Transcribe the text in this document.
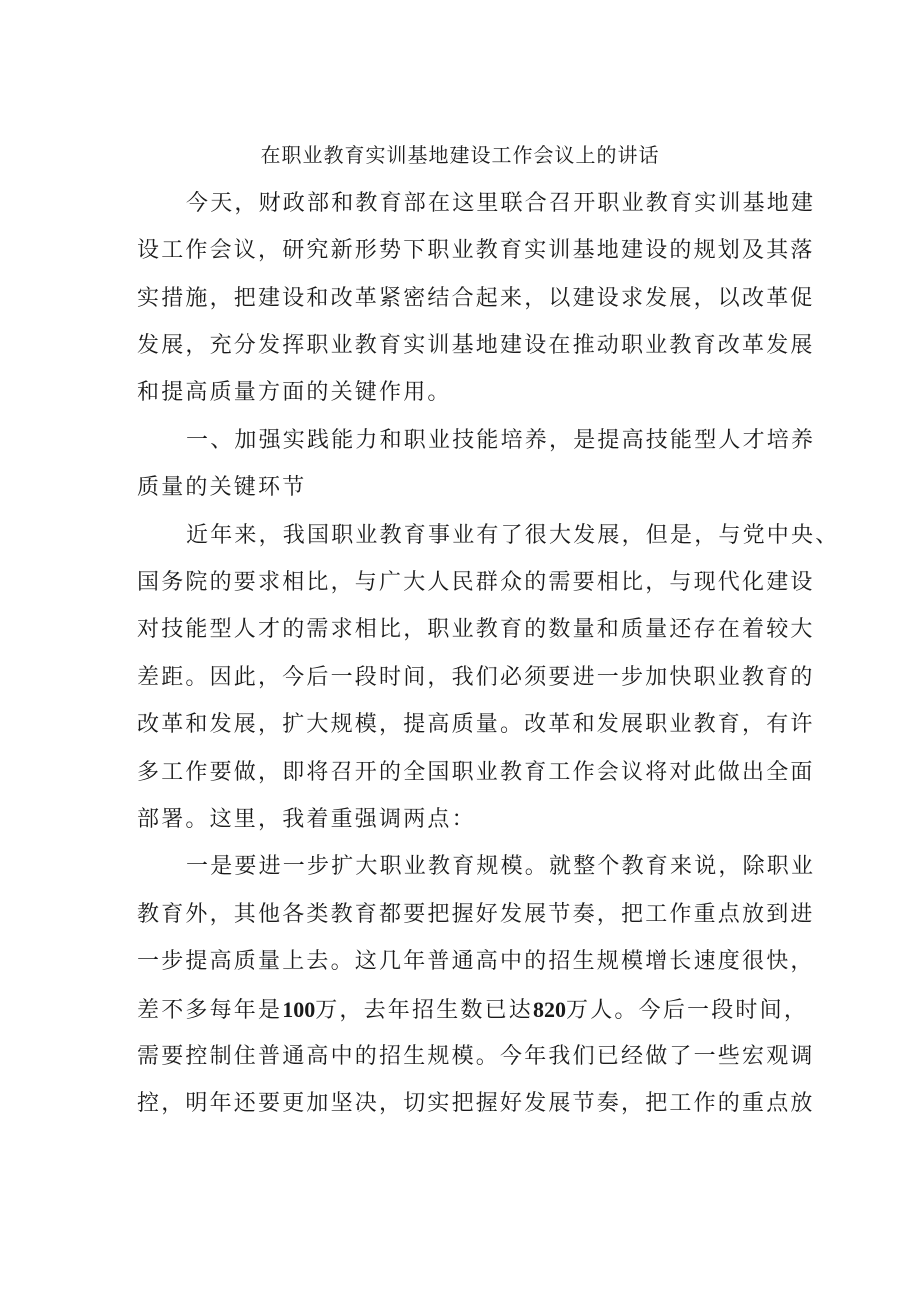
在职业教育实训基地建设工作会议上的讲话
今天，财政部和教育部在这里联合召开职业教育实训基地建
设工作会议，研究新形势下职业教育实训基地建设的规划及其落
实措施，把建设和改革紧密结合起来，以建设求发展，以改革促
发展，充分发挥职业教育实训基地建设在推动职业教育改革发展
和提高质量方面的关键作用。
一、加强实践能力和职业技能培养，是提高技能型人才培养
质量的关键环节
近年来，我国职业教育事业有了很大发展，但是，与党中央、
国务院的要求相比，与广大人民群众的需要相比，与现代化建设
对技能型人才的需求相比，职业教育的数量和质量还存在着较大
差距。因此，今后一段时间，我们必须要进一步加快职业教育的
改革和发展，扩大规模，提高质量。改革和发展职业教育，有许
多工作要做，即将召开的全国职业教育工作会议将对此做出全面
部署。这里，我着重强调两点：
一是要进一步扩大职业教育规模。就整个教育来说，除职业
教育外，其他各类教育都要把握好发展节奏，把工作重点放到进
一步提高质量上去。这几年普通高中的招生规模增长速度很快，
差不多每年是100万，去年招生数已达820万人。今后一段时间，
需要控制住普通高中的招生规模。今年我们已经做了一些宏观调
控，明年还要更加坚决，切实把握好发展节奏，把工作的重点放
